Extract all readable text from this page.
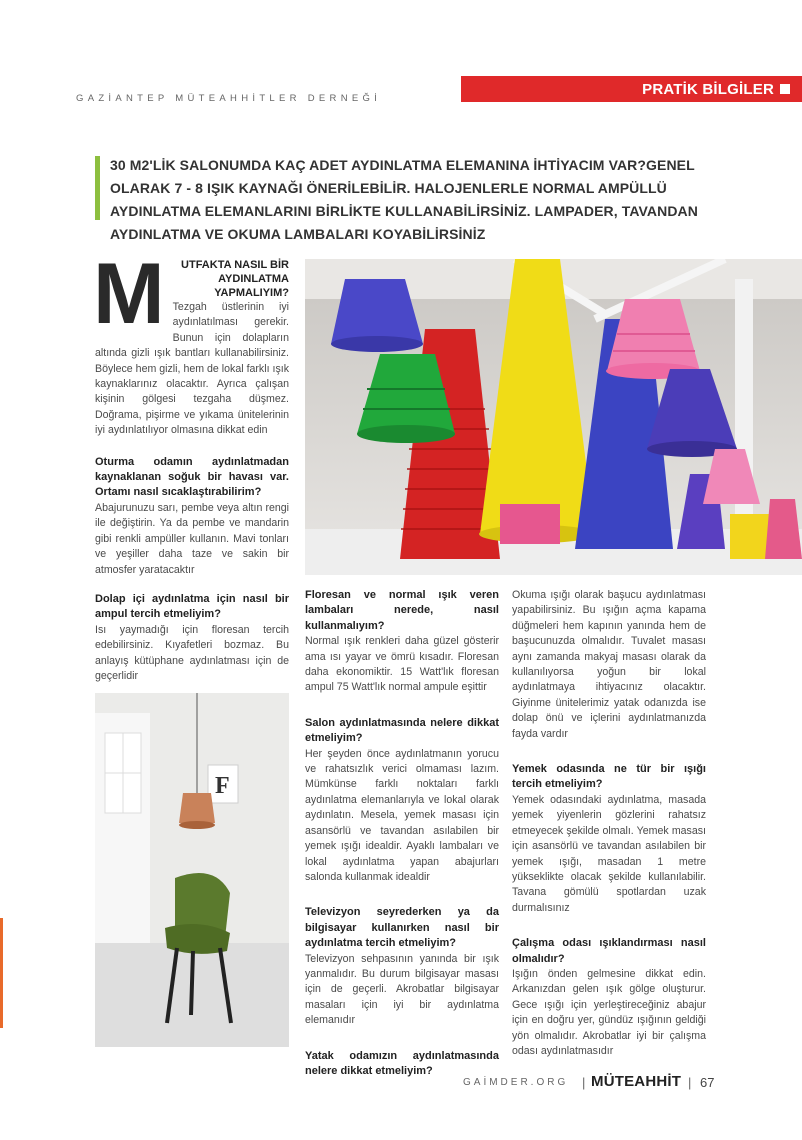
GAZİANTEP MÜTEAHHİTLER DERNEĞİ
PRATİK BİLGİLER
30 M2'LİK SALONUMDA KAÇ ADET AYDINLATMA ELEMANINA İHTİYACIM VAR?GENEL OLARAK 7 - 8 IŞIK KAYNAĞI ÖNERİLEBİLİR. HALOJENLERLE NORMAL AMPÜLLÜ AYDINLATMA ELEMANLARINI BİRLİKTE KULLANABİLİRSİNİZ. LAMPADER, TAVANDAN AYDINLATMA VE OKUMA LAMBALARI KOYABİLİRSİNİZ
M	UTFAKTA NASIL BİR AYDINLATMA YAPMALIYIM?

Tezgah üstlerinin iyi aydınlatılması gerekir. Bunun için dolapların altında gizli ışık bantları kullanabilirsiniz. Böylece hem gizli, hem de lokal farklı ışık kaynaklarınız olacaktır. Ayrıca çalışan kişinin gölgesi tezgaha düşmez. Doğrama, pişirme ve yıkama ünitelerinin iyi aydınlatılıyor olmasına dikkat edin

Oturma odamın aydınlatmadan kaynaklanan soğuk bir havası var. Ortamı nasıl sıcaklaştırabilirim?

Abajurunuzu sarı, pembe veya altın rengi ile değiştirin. Ya da pembe ve mandarin gibi renkli ampüller kullanın. Mavi tonları ve yeşiller daha taze ve sakin bir atmosfer yaratacaktır

Dolap içi aydınlatma için nasıl bir ampul tercih etmeliyim?

Isı yaymadığı için floresan tercih edebilirsiniz. Kıyafetleri bozmaz. Bu anlayış kütüphane aydınlatması için de geçerlidir

F
Floresan ve normal ışık veren lambaları nerede, nasıl kullanmalıyım?

Normal ışık renkleri daha güzel gösterir ama ısı yayar ve ömrü kısadır. Floresan daha ekonomiktir. 15 Watt'lık floresan ampul 75 Watt'lık normal ampule eşittir

Salon aydınlatmasında nelere dikkat etmeliyim?

Her şeyden önce aydınlatmanın yorucu ve rahatsızlık verici olmaması lazım. Mümkünse farklı noktaları farklı aydınlatma elemanlarıyla ve lokal olarak aydınlatın. Mesela, yemek masası için asansörlü ve tavandan asılabilen bir yemek ışığı idealdir. Ayaklı lambaları ve lokal aydınlatma yapan abajurları salonda kullanmak idealdir

Televizyon seyrederken ya da bilgisayar kullanırken nasıl bir aydınlatma tercih etmeliyim?

Televizyon sehpasının yanında bir ışık yanmalıdır. Bu durum bilgisayar masası için de geçerli. Akrobatlar bilgisayar masaları için iyi bir aydınlatma elemanıdır

Yatak odamızın aydınlatmasında nelere dikkat etmeliyim?

Okuma ışığı olarak başucu aydınlatması yapabilirsiniz. Bu ışığın açma kapama düğmeleri hem kapının yanında hem de başucunuzda olmalıdır. Tuvalet masası aynı zamanda makyaj masası olarak da kullanılıyorsa yoğun bir lokal aydınlatmaya ihtiyacınız olacaktır. Giyinme ünitelerimiz yatak odanızda ise dolap önü ve içlerini aydınlatmanızda fayda vardır

Yemek odasında ne tür bir ışığı tercih etmeliyim?

Yemek odasındaki aydınlatma, masada yemek yiyenlerin gözlerini rahatsız etmeyecek şekilde olmalı. Yemek masası için asansörlü ve tavandan asılabilen bir yemek ışığı, masadan 1 metre yükseklikte olacak şekilde kullanılabilir. Tavana gömülü spotlardan uzak durmalısınız

Çalışma odası ışıklandırması nasıl olmalıdır?

Işığın önden gelmesine dikkat edin. Arkanızdan gelen ışık gölge oluşturur. Gece ışığı için yerleştireceğiniz abajur için en doğru yer, gündüz ışığının geldiği yön olmalıdır. Akrobatlar iyi bir çalışma odası aydınlatmasıdır

GAİMDER.ORG | MÜTEAHHİT | 67
